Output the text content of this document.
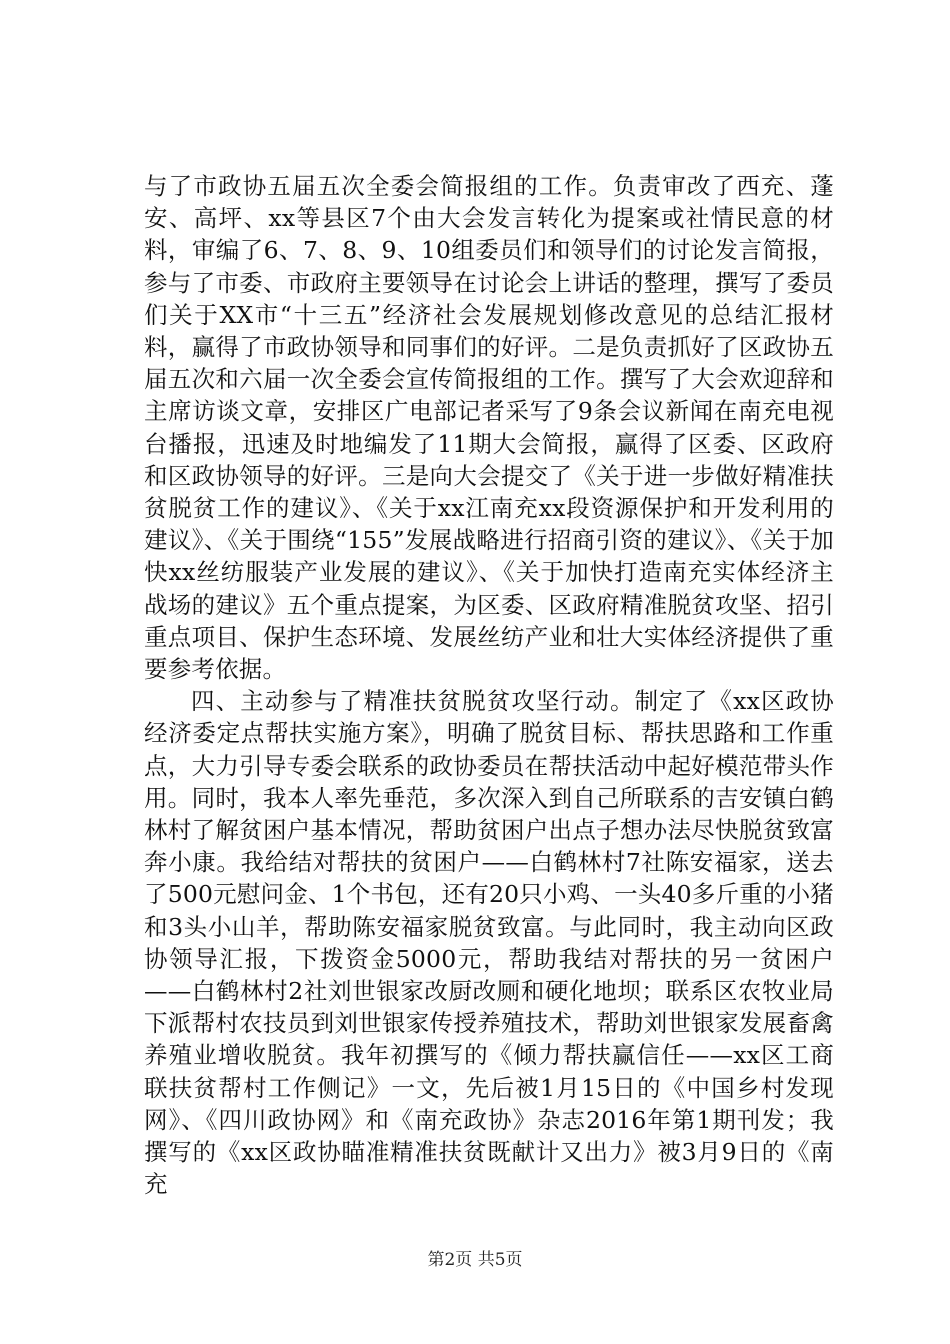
与了市政协五届五次全委会简报组的工作。负责审改了西充、蓬安、高坪、xx等县区7个由大会发言转化为提案或社情民意的材料，审编了6、7、8、9、10组委员们和领导们的讨论发言简报，参与了市委、市政府主要领导在讨论会上讲话的整理，撰写了委员们关于XX市“十三五”经济社会发展规划修改意见的总结汇报材料，赢得了市政协领导和同事们的好评。二是负责抓好了区政协五届五次和六届一次全委会宣传简报组的工作。撰写了大会欢迎辞和主席访谈文章，安排区广电部记者采写了9条会议新闻在南充电视台播报，迅速及时地编发了11期大会简报，赢得了区委、区政府和区政协领导的好评。三是向大会提交了《关于进一步做好精准扶贫脱贫工作的建议》、《关于xx江南充xx段资源保护和开发利用的建议》、《关于围绕“155”发展战略进行招商引资的建议》、《关于加快xx丝纺服装产业发展的建议》、《关于加快打造南充实体经济主战场的建议》五个重点提案，为区委、区政府精准脱贫攻坚、招引重点项目、保护生态环境、发展丝纺产业和壮大实体经济提供了重要参考依据。

四、主动参与了精准扶贫脱贫攻坚行动。制定了《xx区政协经济委定点帮扶实施方案》，明确了脱贫目标、帮扶思路和工作重点，大力引导专委会联系的政协委员在帮扶活动中起好模范带头作用。同时，我本人率先垂范，多次深入到自己所联系的吉安镇白鹤林村了解贫困户基本情况，帮助贫困户出点子想办法尽快脱贫致富奔小康。我给结对帮扶的贫困户——白鹤林村7社陈安福家，送去了500元慰问金、1个书包，还有20只小鸡、一头40多斤重的小猪和3头小山羊，帮助陈安福家脱贫致富。与此同时，我主动向区政协领导汇报，下拨资金5000元，帮助我结对帮扶的另一贫困户——白鹤林村2社刘世银家改厨改厕和硬化地坝；联系区农牧业局下派帮村农技员到刘世银家传授养殖技术，帮助刘世银家发展畜禽养殖业增收脱贫。我年初撰写的《倾力帮扶赢信任——xx区工商联扶贫帮村工作侧记》一文，先后被1月15日的《中国乡村发现网》、《四川政协网》和《南充政协》杂志2016年第1期刊发；我撰写的《xx区政协瞄准精准扶贫既献计又出力》被3月9日的《南充

第2页 共5页
